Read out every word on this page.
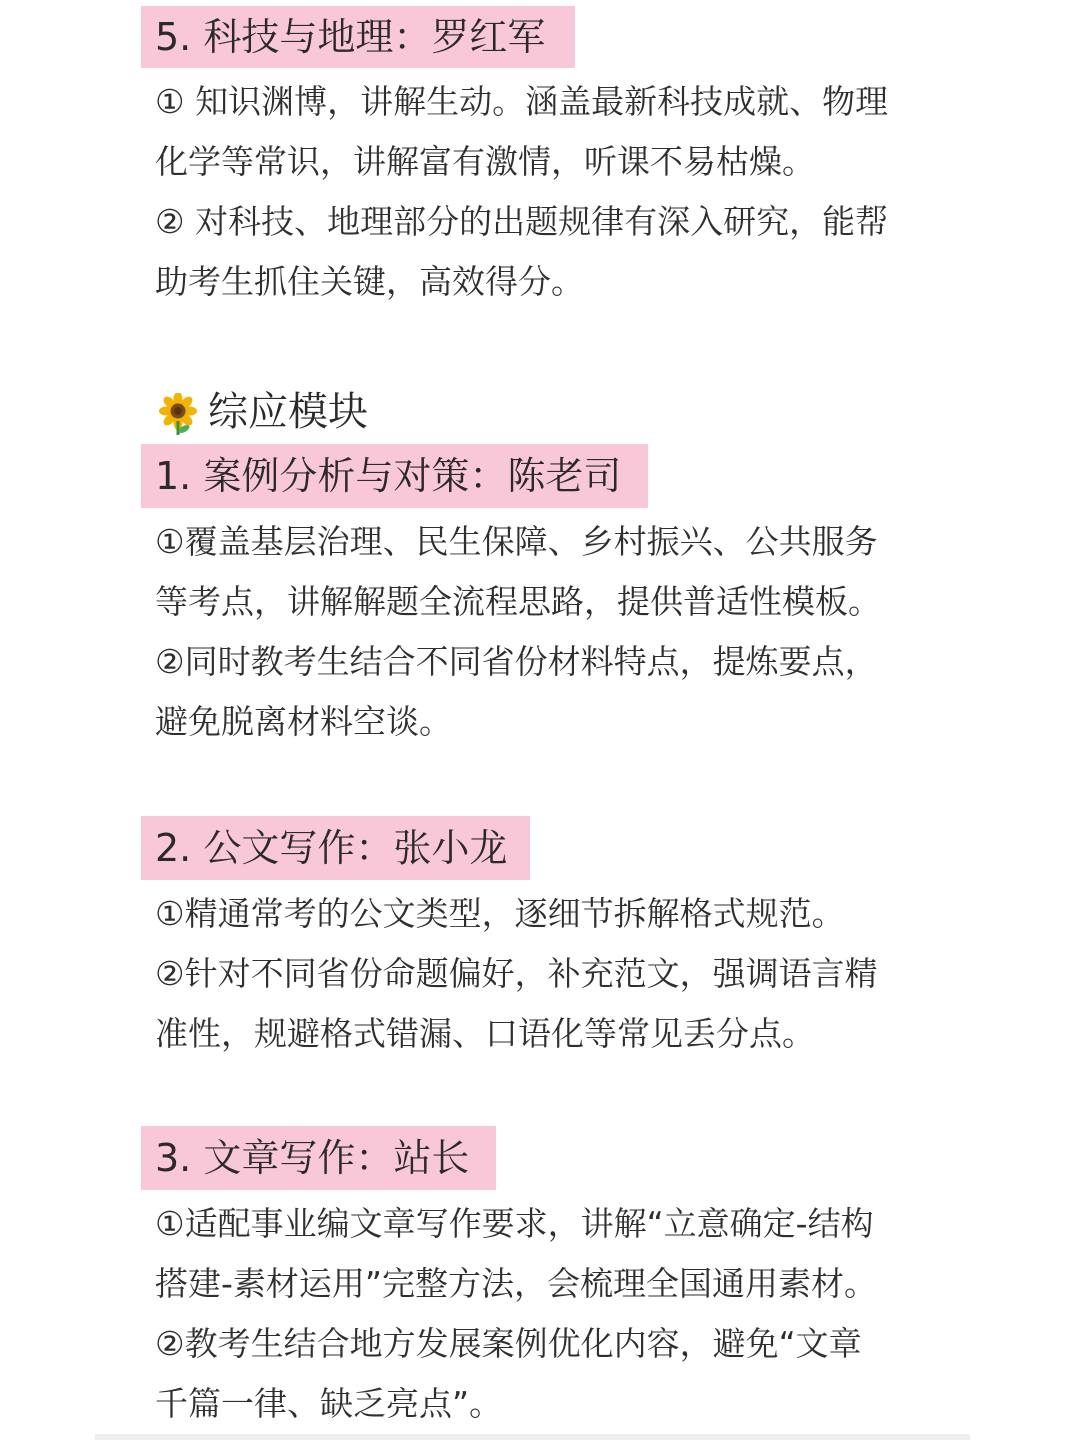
5. 科技与地理：罗红军
① 知识渊博，讲解生动。涵盖最新科技成就、物理
化学等常识，讲解富有激情，听课不易枯燥。
② 对科技、地理部分的出题规律有深入研究，能帮
助考生抓住关键，高效得分。
综应模块
1. 案例分析与对策：陈老司
①覆盖基层治理、民生保障、乡村振兴、公共服务
等考点，讲解解题全流程思路，提供普适性模板。
②同时教考生结合不同省份材料特点，提炼要点，
避免脱离材料空谈。
2. 公文写作：张小龙
①精通常考的公文类型，逐细节拆解格式规范。
②针对不同省份命题偏好，补充范文，强调语言精
准性，规避格式错漏、口语化等常见丢分点。
3. 文章写作：站长
①适配事业编文章写作要求，讲解“立意确定-结构
搭建-素材运用”完整方法，会梳理全国通用素材。
②教考生结合地方发展案例优化内容，避免“文章
千篇一律、缺乏亮点”。
